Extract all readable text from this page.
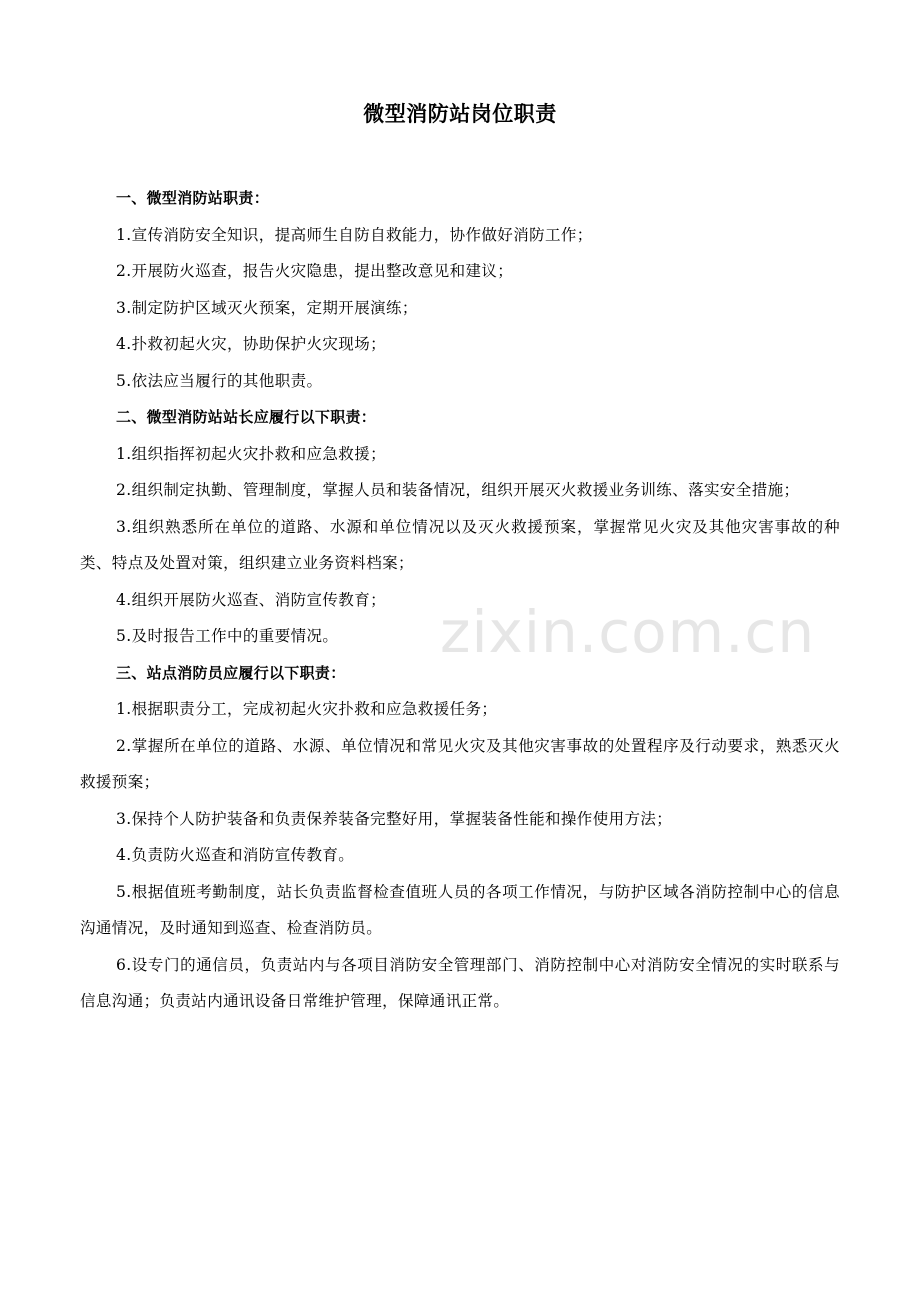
微型消防站岗位职责

一、微型消防站职责：

1.宣传消防安全知识，提高师生自防自救能力，协作做好消防工作；

2.开展防火巡查，报告火灾隐患，提出整改意见和建议；

3.制定防护区域灭火预案，定期开展演练；

4.扑救初起火灾，协助保护火灾现场；

5.依法应当履行的其他职责。

二、微型消防站站长应履行以下职责：

1.组织指挥初起火灾扑救和应急救援；

2.组织制定执勤、管理制度，掌握人员和装备情况，组织开展灭火救援业务训练、落实安全措施；

3.组织熟悉所在单位的道路、水源和单位情况以及灭火救援预案，掌握常见火灾及其他灾害事故的种类、特点及处置对策，组织建立业务资料档案；

4.组织开展防火巡查、消防宣传教育；

5.及时报告工作中的重要情况。

三、站点消防员应履行以下职责：

1.根据职责分工，完成初起火灾扑救和应急救援任务；

2.掌握所在单位的道路、水源、单位情况和常见火灾及其他灾害事故的处置程序及行动要求，熟悉灭火救援预案；

3.保持个人防护装备和负责保养装备完整好用，掌握装备性能和操作使用方法；

4.负责防火巡查和消防宣传教育。

5.根据值班考勤制度，站长负责监督检查值班人员的各项工作情况，与防护区域各消防控制中心的信息沟通情况，及时通知到巡查、检查消防员。

6.设专门的通信员，负责站内与各项目消防安全管理部门、消防控制中心对消防安全情况的实时联系与信息沟通；负责站内通讯设备日常维护管理，保障通讯正常。

zixin.com.cn
